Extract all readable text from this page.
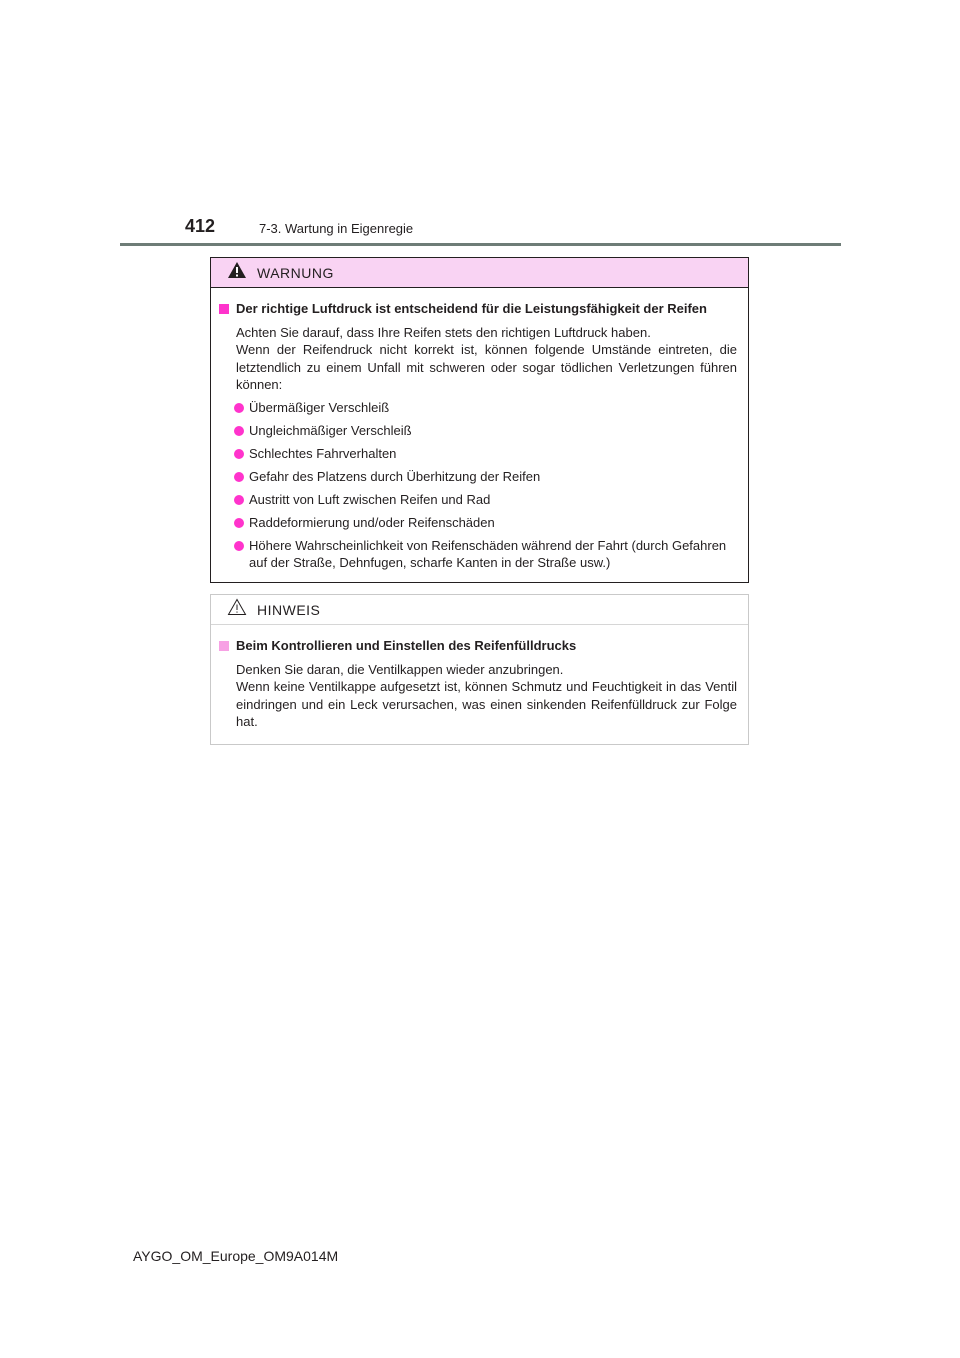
412	7-3. Wartung in Eigenregie
WARNUNG
Der richtige Luftdruck ist entscheidend für die Leistungsfähigkeit der Reifen
Achten Sie darauf, dass Ihre Reifen stets den richtigen Luftdruck haben.
Wenn der Reifendruck nicht korrekt ist, können folgende Umstände eintreten, die letztendlich zu einem Unfall mit schweren oder sogar tödlichen Verletzungen führen können:
Übermäßiger Verschleiß
Ungleichmäßiger Verschleiß
Schlechtes Fahrverhalten
Gefahr des Platzens durch Überhitzung der Reifen
Austritt von Luft zwischen Reifen und Rad
Raddeformierung und/oder Reifenschäden
Höhere Wahrscheinlichkeit von Reifenschäden während der Fahrt (durch Gefahren auf der Straße, Dehnfugen, scharfe Kanten in der Straße usw.)
HINWEIS
Beim Kontrollieren und Einstellen des Reifenfülldrucks
Denken Sie daran, die Ventilkappen wieder anzubringen.
Wenn keine Ventilkappe aufgesetzt ist, können Schmutz und Feuchtigkeit in das Ventil eindringen und ein Leck verursachen, was einen sinkenden Reifenfülldruck zur Folge hat.
AYGO_OM_Europe_OM9A014M
